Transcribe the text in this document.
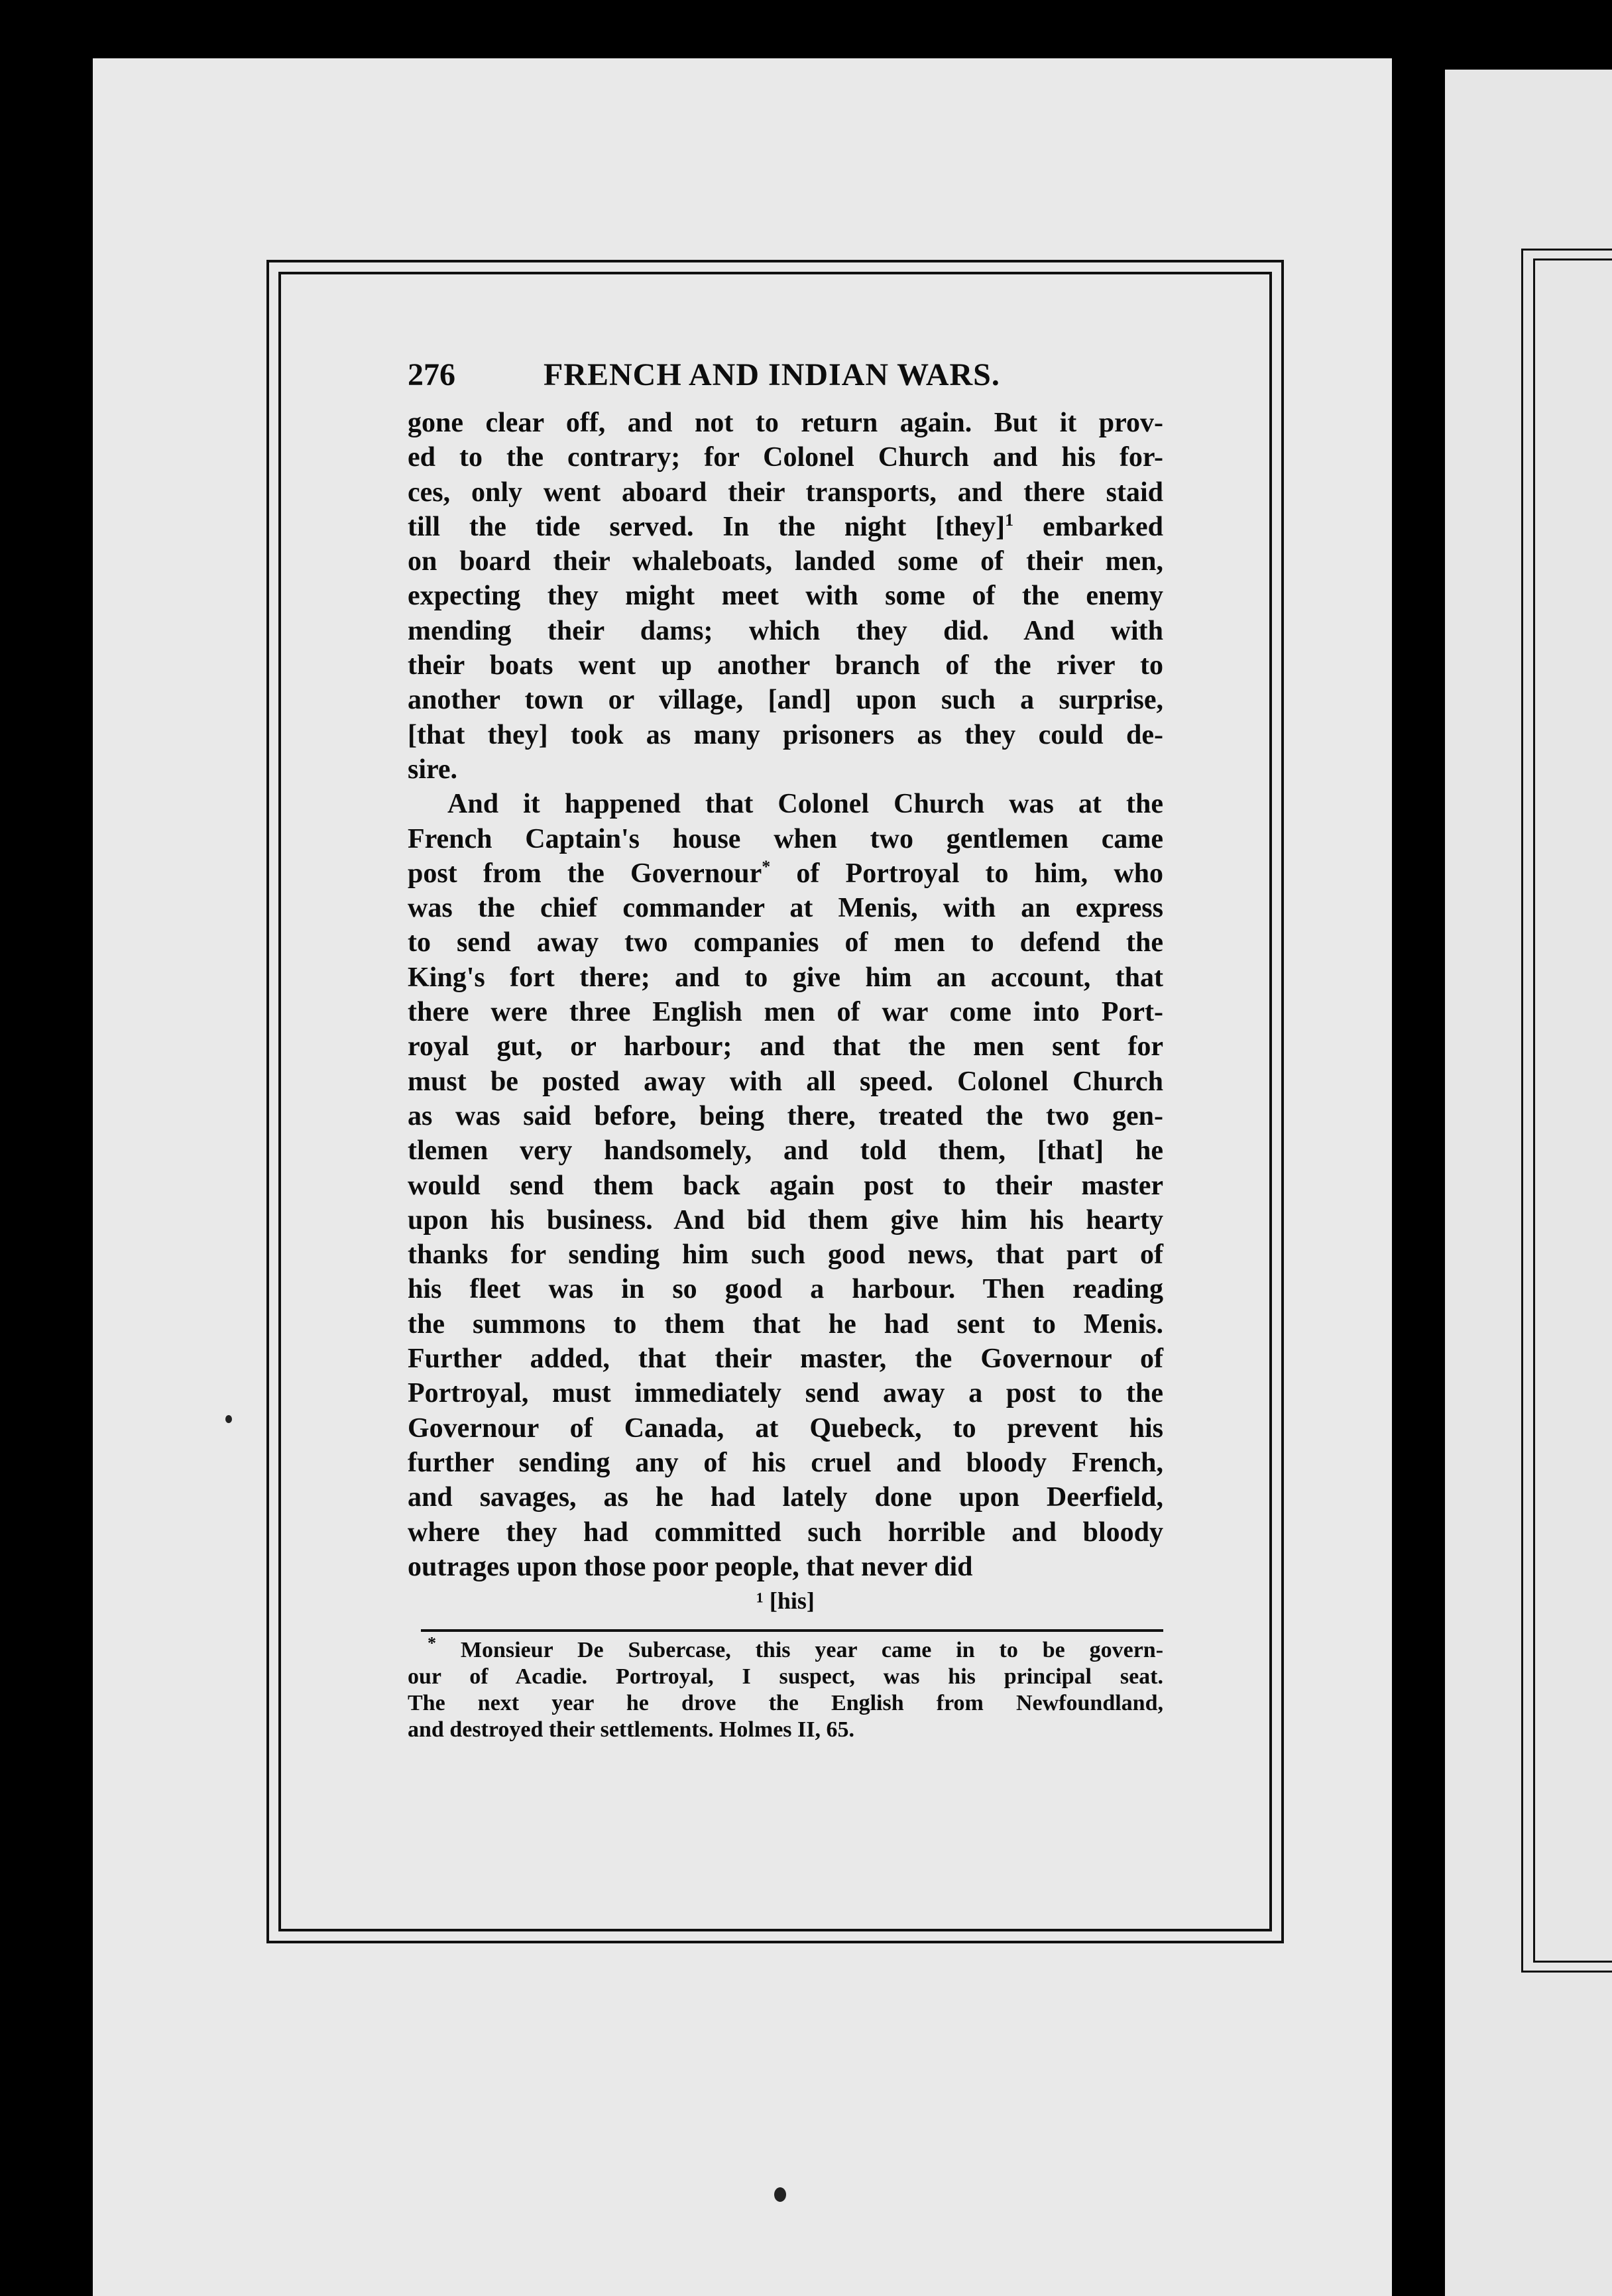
276	FRENCH AND INDIAN WARS.
gone clear off, and not to return again. But it prov-
ed to the contrary; for Colonel Church and his for-
ces, only went aboard their transports, and there staid
till the tide served. In the night [they]$^1$ embarked
on board their whaleboats, landed some of their men,
expecting they might meet with some of the enemy
mending their dams; which they did. And with
their boats went up another branch of the river to
another town or village, [and] upon such a surprise,
[that they] took as many prisoners as they could de-
sire.
And it happened that Colonel Church was at the
French Captain's house when two gentlemen came
post from the Governour* of Portroyal to him, who
was the chief commander at Menis, with an express
to send away two companies of men to defend the
King's fort there; and to give him an account, that
there were three English men of war come into Port-
royal gut, or harbour; and that the men sent for
must be posted away with all speed. Colonel Church
as was said before, being there, treated the two gen-
tlemen very handsomely, and told them, [that] he
would send them back again post to their master
upon his business. And bid them give him his hearty
thanks for sending him such good news, that part of
his fleet was in so good a harbour. Then reading
the summons to them that he had sent to Menis.
Further added, that their master, the Governour of
Portroyal, must immediately send away a post to the
Governour of Canada, at Quebeck, to prevent his
further sending any of his cruel and bloody French,
and savages, as he had lately done upon Deerfield,
where they had committed such horrible and bloody
outrages upon those poor people, that never did
¹ [his]
* Monsieur De Subercase, this year came in to be govern-
our of Acadie. Portroyal, I suspect, was his principal seat.
The next year he drove the English from Newfoundland,
and destroyed their settlements. Holmes II, 65.
